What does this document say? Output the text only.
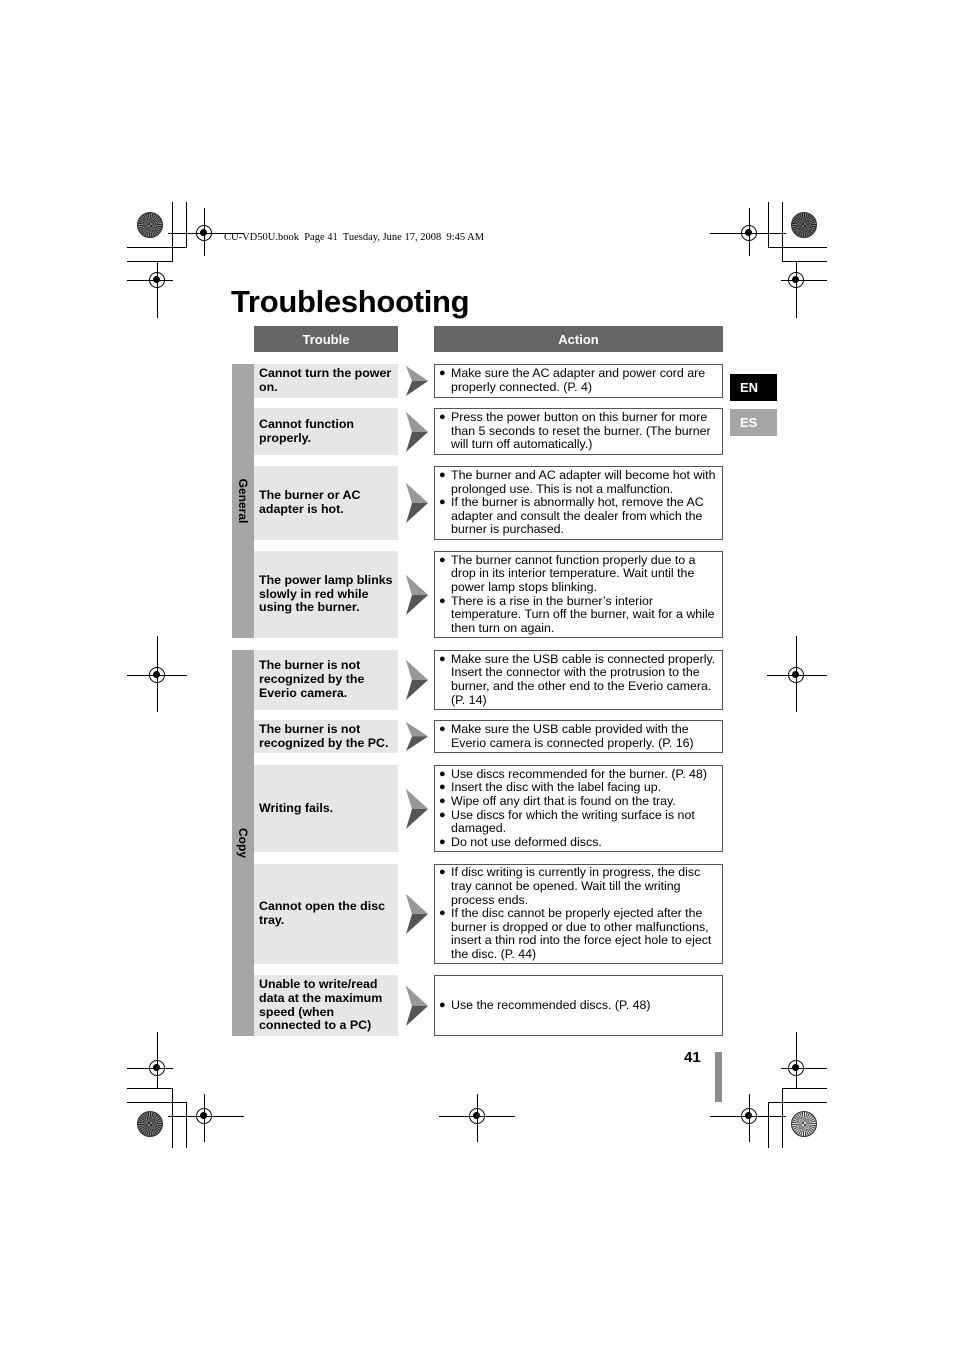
CU-VD50U.book  Page 41  Tuesday, June 17, 2008  9:45 AM
Troubleshooting
Trouble	Action
EN
ES
General
Copy
Cannot turn the power on.
● Make sure the AC adapter and power cord are properly connected. (P. 4)
Cannot function properly.
● Press the power button on this burner for more than 5 seconds to reset the burner. (The burner will turn off automatically.)
The burner or AC adapter is hot.
● The burner and AC adapter will become hot with prolonged use. This is not a malfunction.
● If the burner is abnormally hot, remove the AC adapter and consult the dealer from which the burner is purchased.
The power lamp blinks slowly in red while using the burner.
● The burner cannot function properly due to a drop in its interior temperature. Wait until the power lamp stops blinking.
● There is a rise in the burner’s interior temperature. Turn off the burner, wait for a while then turn on again.
The burner is not recognized by the Everio camera.
● Make sure the USB cable is connected properly. Insert the connector with the protrusion to the burner, and the other end to the Everio camera. (P. 14)
The burner is not recognized by the PC.
● Make sure the USB cable provided with the Everio camera is connected properly. (P. 16)
Writing fails.
● Use discs recommended for the burner. (P. 48)
● Insert the disc with the label facing up.
● Wipe off any dirt that is found on the tray.
● Use discs for which the writing surface is not damaged.
● Do not use deformed discs.
Cannot open the disc tray.
● If disc writing is currently in progress, the disc tray cannot be opened. Wait till the writing process ends.
● If the disc cannot be properly ejected after the burner is dropped or due to other malfunctions, insert a thin rod into the force eject hole to eject the disc. (P. 44)
Unable to write/read data at the maximum speed (when connected to a PC)
● Use the recommended discs. (P. 48)
41
